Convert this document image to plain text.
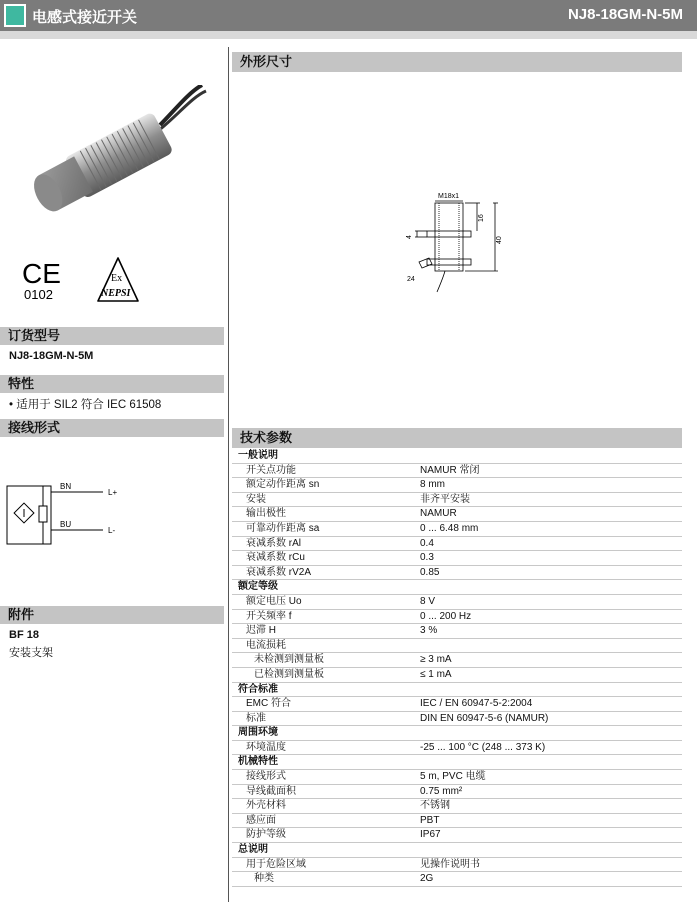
电感式接近开关	NJ8-18GM-N-5M
CE
0102
Ex
NEPSI
订货型号
NJ8-18GM-N-5M
特性
• 适用于 SIL2 符合 IEC 61508
接线形式
BN
BU
L+
L-
附件
BF 18
安装支架
外形尺寸
M18x1
16
40
4
24
技术参数
一般说明
开关点功能	NAMUR 常闭
额定动作距离 sn	8 mm
安装	非齐平安装
输出极性	NAMUR
可靠动作距离 sa	0 ... 6.48 mm
衰减系数 rAl	0.4
衰减系数 rCu	0.3
衰减系数 rV2A	0.85
额定等级
额定电压 Uo	8 V
开关频率 f	0 ... 200 Hz
迟滞 H	3 %
电流损耗
未检测到测量板	≥ 3 mA
已检测到测量板	≤ 1 mA
符合标准
EMC 符合	IEC / EN 60947-5-2:2004
标准	DIN EN 60947-5-6 (NAMUR)
周围环境
环境温度	-25 ... 100 °C (248 ... 373 K)
机械特性
接线形式	5 m, PVC 电缆
导线截面积	0.75 mm²
外壳材料	不锈钢
感应面	PBT
防护等级	IP67
总说明
用于危险区域	见操作说明书
种类	2G
